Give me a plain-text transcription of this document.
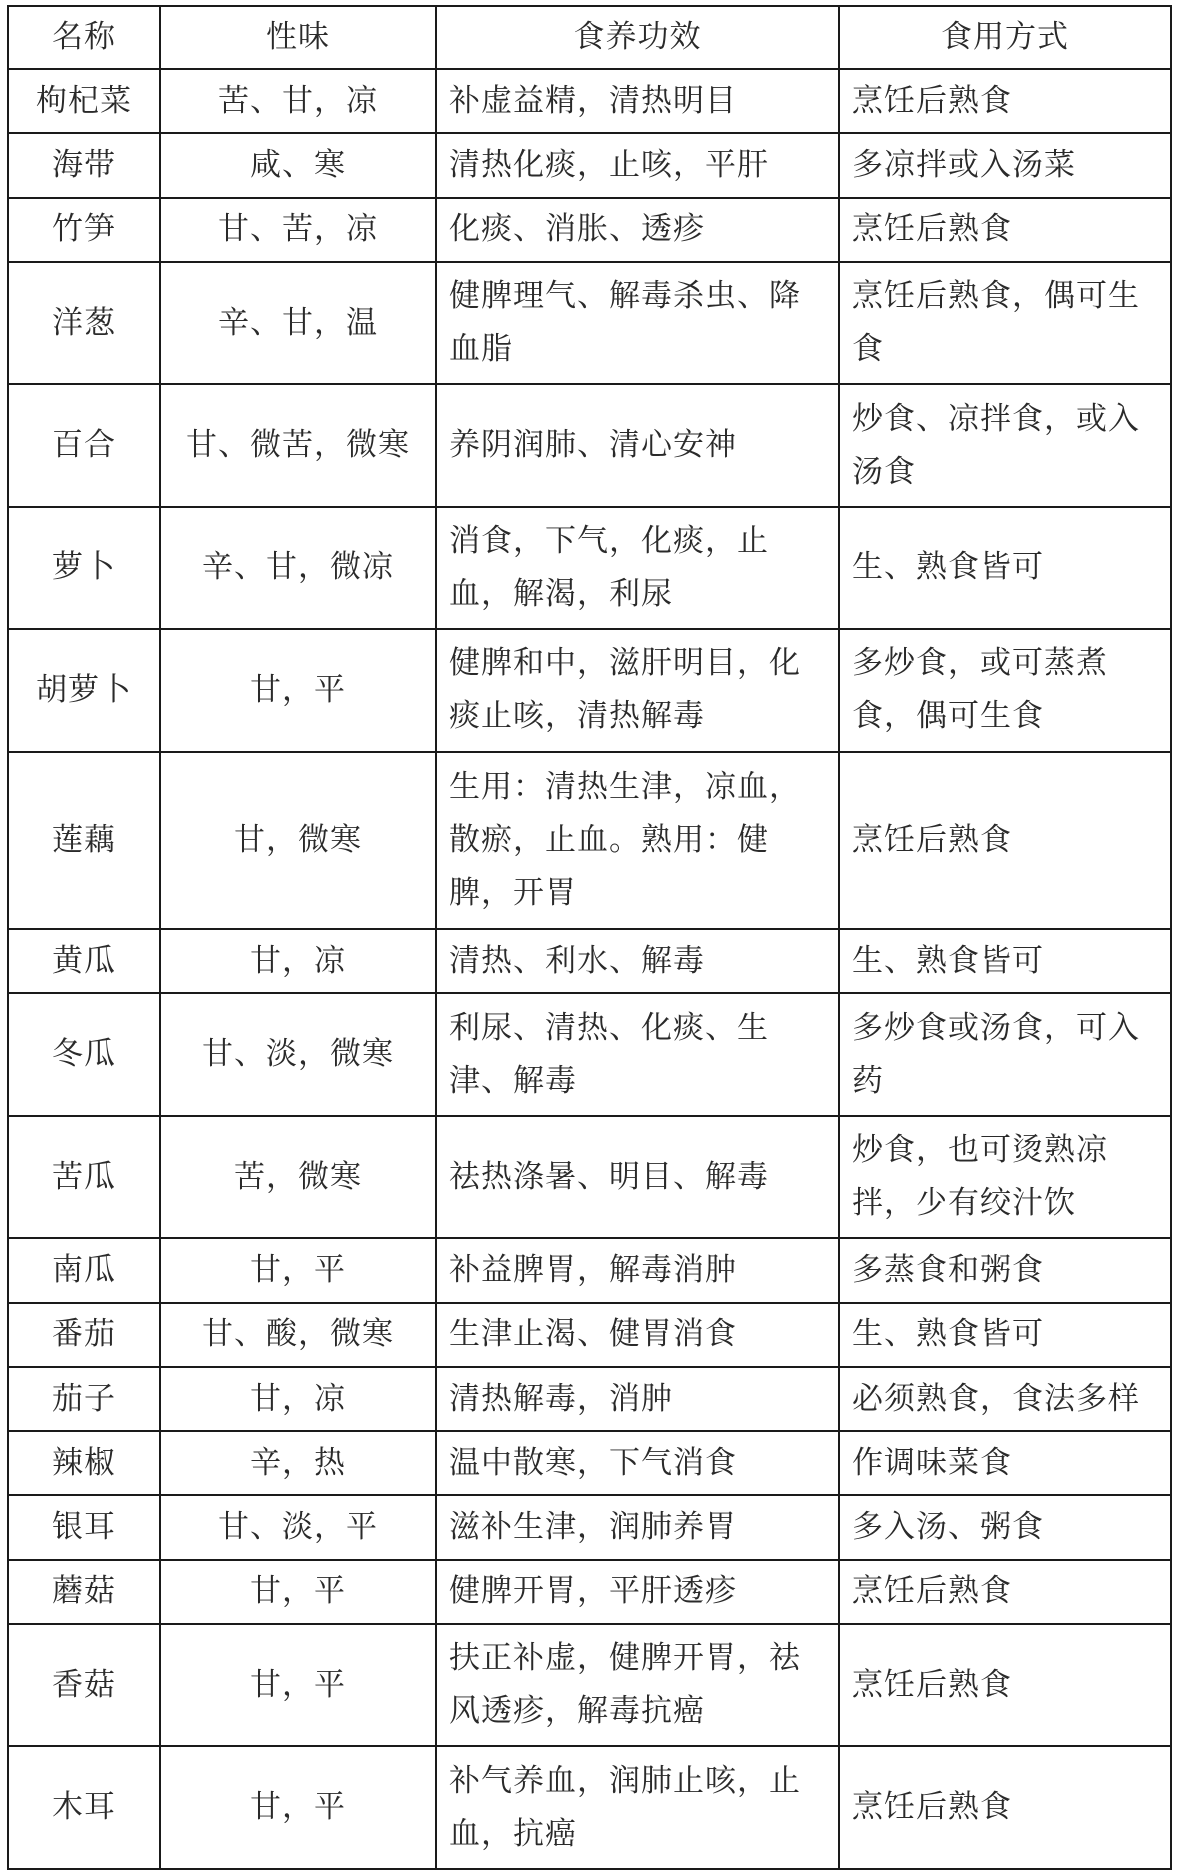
名称	性味	食养功效	食用方式
枸杞菜	苦、甘，凉	补虚益精，清热明目	烹饪后熟食
海带	咸、寒	清热化痰，止咳，平肝	多凉拌或入汤菜
竹笋	甘、苦，凉	化痰、消胀、透疹	烹饪后熟食
洋葱	辛、甘，温	健脾理气、解毒杀虫、降血脂	烹饪后熟食，偶可生食
百合	甘、微苦，微寒	养阴润肺、清心安神	炒食、凉拌食，或入汤食
萝卜	辛、甘，微凉	消食，下气，化痰，止血，解渴，利尿	生、熟食皆可
胡萝卜	甘，平	健脾和中，滋肝明目，化痰止咳，清热解毒	多炒食，或可蒸煮食，偶可生食
莲藕	甘，微寒	生用：清热生津，凉血，散瘀，止血。熟用：健脾，开胃	烹饪后熟食
黄瓜	甘，凉	清热、利水、解毒	生、熟食皆可
冬瓜	甘、淡，微寒	利尿、清热、化痰、生津、解毒	多炒食或汤食，可入药
苦瓜	苦，微寒	祛热涤暑、明目、解毒	炒食，也可烫熟凉拌，少有绞汁饮
南瓜	甘，平	补益脾胃，解毒消肿	多蒸食和粥食
番茄	甘、酸，微寒	生津止渴、健胃消食	生、熟食皆可
茄子	甘，凉	清热解毒，消肿	必须熟食，食法多样
辣椒	辛，热	温中散寒，下气消食	作调味菜食
银耳	甘、淡，平	滋补生津，润肺养胃	多入汤、粥食
蘑菇	甘，平	健脾开胃，平肝透疹	烹饪后熟食
香菇	甘，平	扶正补虚，健脾开胃，祛风透疹，解毒抗癌	烹饪后熟食
木耳	甘，平	补气养血，润肺止咳，止血，抗癌	烹饪后熟食
